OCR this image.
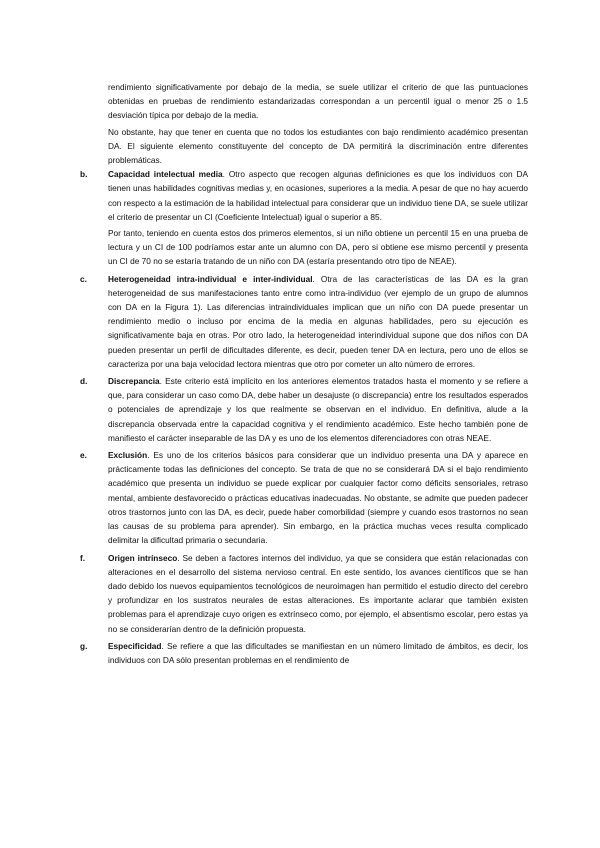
rendimiento significativamente por debajo de la media, se suele utilizar el criterio de que las puntuaciones obtenidas en pruebas de rendimiento estandarizadas correspondan a un percentil igual o menor 25 o 1.5 desviación típica por debajo de la media.

No obstante, hay que tener en cuenta que no todos los estudiantes con bajo rendimiento académico presentan DA. El siguiente elemento constituyente del concepto de DA permitirá la discriminación entre diferentes problemáticas.

b. Capacidad intelectual media. Otro aspecto que recogen algunas definiciones es que los individuos con DA tienen unas habilidades cognitivas medias y, en ocasiones, superiores a la media. A pesar de que no hay acuerdo con respecto a la estimación de la habilidad intelectual para considerar que un individuo tiene DA, se suele utilizar el criterio de presentar un CI (Coeficiente Intelectual) igual o superior a 85.

Por tanto, teniendo en cuenta estos dos primeros elementos, si un niño obtiene un percentil 15 en una prueba de lectura y un CI de 100 podríamos estar ante un alumno con DA, pero si obtiene ese mismo percentil y presenta un CI de 70 no se estaría tratando de un niño con DA (estaría presentando otro tipo de NEAE).

c.	Heterogeneidad intra-individual e inter-individual. Otra de las características de las DA es la gran heterogeneidad de sus manifestaciones tanto entre como intra-individuo (ver ejemplo de un grupo de alumnos con DA en la Figura 1). Las diferencias intraindividuales implican que un niño con DA puede presentar un rendimiento medio o incluso por encima de la media en algunas habilidades, pero su ejecución es significativamente baja en otras. Por otro lado, la heterogeneidad interindividual supone que dos niños con DA pueden presentar un perfil de dificultades diferente, es decir, pueden tener DA en lectura, pero uno de ellos se caracteriza por una baja velocidad lectora mientras que otro por cometer un alto número de errores.

d. Discrepancia. Este criterio está implícito en los anteriores elementos tratados hasta el momento y se refiere a que, para considerar un caso como DA, debe haber un desajuste (o discrepancia) entre los resultados esperados o potenciales de aprendizaje y los que realmente se observan en el individuo. En definitiva, alude a la discrepancia observada entre la capacidad cognitiva y el rendimiento académico. Este hecho también pone de manifiesto el carácter inseparable de las DA y es uno de los elementos diferenciadores con otras NEAE.

e.	Exclusión. Es uno de los criterios básicos para considerar que un individuo presenta una DA y aparece en prácticamente todas las definiciones del concepto. Se trata de que no se considerará DA si el bajo rendimiento académico que presenta un individuo se puede explicar por cualquier factor como déficits sensoriales, retraso mental, ambiente desfavorecido o prácticas educativas inadecuadas. No obstante, se admite que pueden padecer otros trastornos junto con las DA, es decir, puede haber comorbilidad (siempre y cuando esos trastornos no sean las causas de su problema para aprender). Sin embargo, en la práctica muchas veces resulta complicado delimitar la dificultad primaria o secundaria.

f.	Origen intrínseco. Se deben a factores internos del individuo, ya que se considera que están relacionadas con alteraciones en el desarrollo del sistema nervioso central. En este sentido, los avances científicos que se han dado debido los nuevos equipamientos tecnológicos de neuroimagen han permitido el estudio directo del cerebro y profundizar en los sustratos neurales de estas alteraciones. Es importante aclarar que también existen problemas para el aprendizaje cuyo origen es extrínseco como, por ejemplo, el absentismo escolar, pero estas ya no se considerarían dentro de la definición propuesta.

g. Especificidad. Se refiere a que las dificultades se manifiestan en un número limitado de ámbitos, es decir, los individuos con DA sólo presentan problemas en el rendimiento de
